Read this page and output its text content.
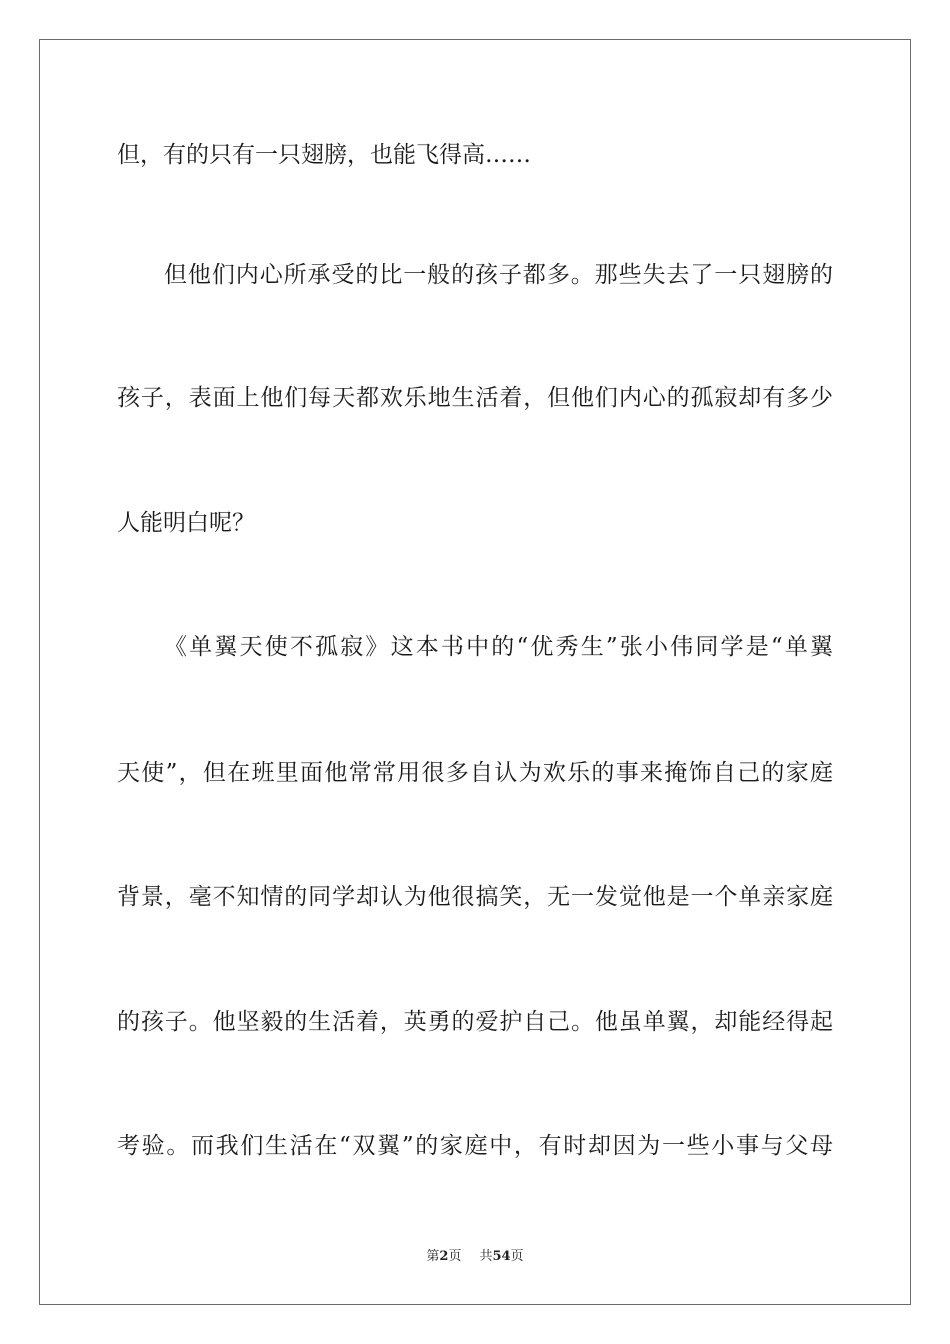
但，有的只有一只翅膀，也能飞得高……
但他们内心所承受的比一般的孩子都多。那些失去了一只翅膀的
孩子，表面上他们每天都欢乐地生活着，但他们内心的孤寂却有多少
人能明白呢？
《单翼天使不孤寂》这本书中的“优秀生”张小伟同学是“单翼
天使”，但在班里面他常常用很多自认为欢乐的事来掩饰自己的家庭
背景，毫不知情的同学却认为他很搞笑，无一发觉他是一个单亲家庭
的孩子。他坚毅的生活着，英勇的爱护自己。他虽单翼，却能经得起
考验。而我们生活在“双翼”的家庭中，有时却因为一些小事与父母
第2页 共54页
